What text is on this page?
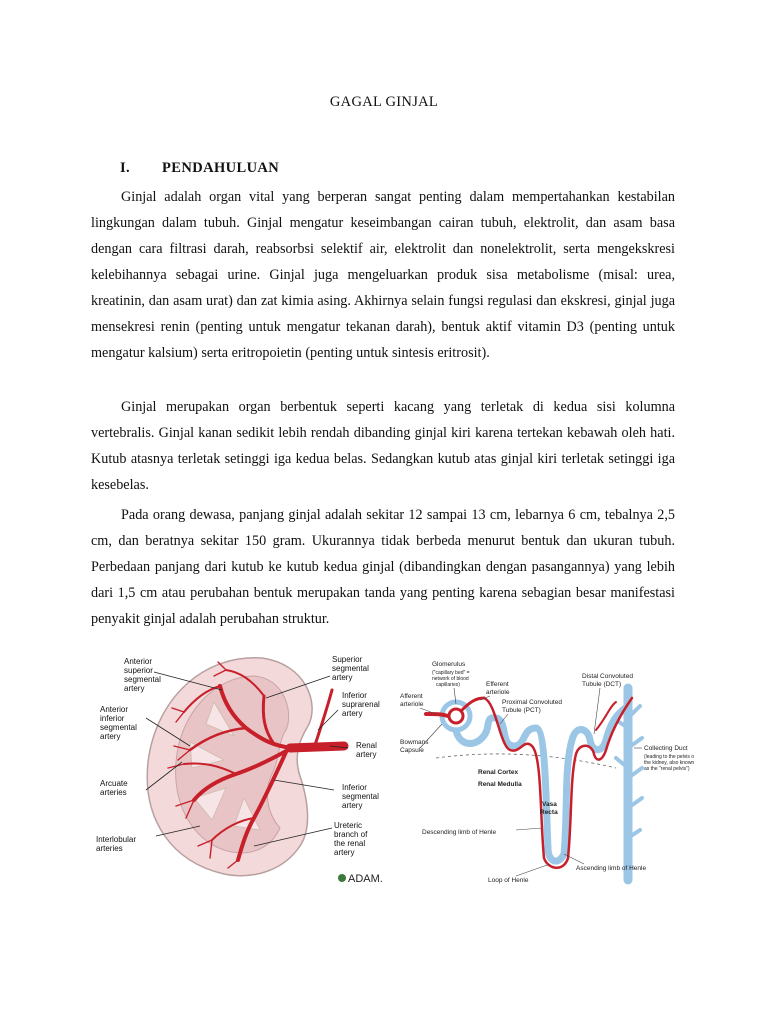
GAGAL GINJAL
I. PENDAHULUAN

Ginjal adalah organ vital yang berperan sangat penting dalam mempertahankan kestabilan lingkungan dalam tubuh. Ginjal mengatur keseimbangan cairan tubuh, elektrolit, dan asam basa dengan cara filtrasi darah, reabsorbsi selektif air, elektrolit dan nonelektrolit, serta mengekskresi kelebihannya sebagai urine. Ginjal juga mengeluarkan produk sisa metabolisme (misal: urea, kreatinin, dan asam urat) dan zat kimia asing. Akhirnya selain fungsi regulasi dan ekskresi, ginjal juga mensekresi renin (penting untuk mengatur tekanan darah), bentuk aktif vitamin D3 (penting untuk mengatur kalsium) serta eritropoietin (penting untuk sintesis eritrosit).

Ginjal merupakan organ berbentuk seperti kacang yang terletak di kedua sisi kolumna vertebralis. Ginjal kanan sedikit lebih rendah dibanding ginjal kiri karena tertekan kebawah oleh hati. Kutub atasnya terletak setinggi iga kedua belas. Sedangkan kutub atas ginjal kiri terletak setinggi iga kesebelas.

Pada orang dewasa, panjang ginjal adalah sekitar 12 sampai 13 cm, lebarnya 6 cm, tebalnya 2,5 cm, dan beratnya sekitar 150 gram. Ukurannya tidak berbeda menurut bentuk dan ukuran tubuh. Perbedaan panjang dari kutub ke kutub kedua ginjal (dibandingkan dengan pasangannya) yang lebih dari 1,5 cm atau perubahan bentuk merupakan tanda yang penting karena sebagian besar manifestasi penyakit ginjal adalah perubahan struktur.

Anterior superior segmental artery
Anterior inferior segmental artery
Arcuate arteries
Interlobular arteries
Superior segmental artery
Inferior suprarenal artery
Renal artery
Inferior segmental artery
Ureteric branch of the renal artery
ADAM.
Glomerulus
("capillary bed" = network of blood capillaries)
Afferent arteriole
Efferent arteriole
Proximal Convoluted Tubule (PCT)
Distal Convoluted Tubule (DCT)
Bowmans Capsule
Renal Cortex
Renal Medulla
Vasa Recta
Descending limb of Henle
Ascending limb of Henle
Loop of Henle
Collecting Duct (leading to the pelvis o the kidney, also known as the "renal pelvis")
